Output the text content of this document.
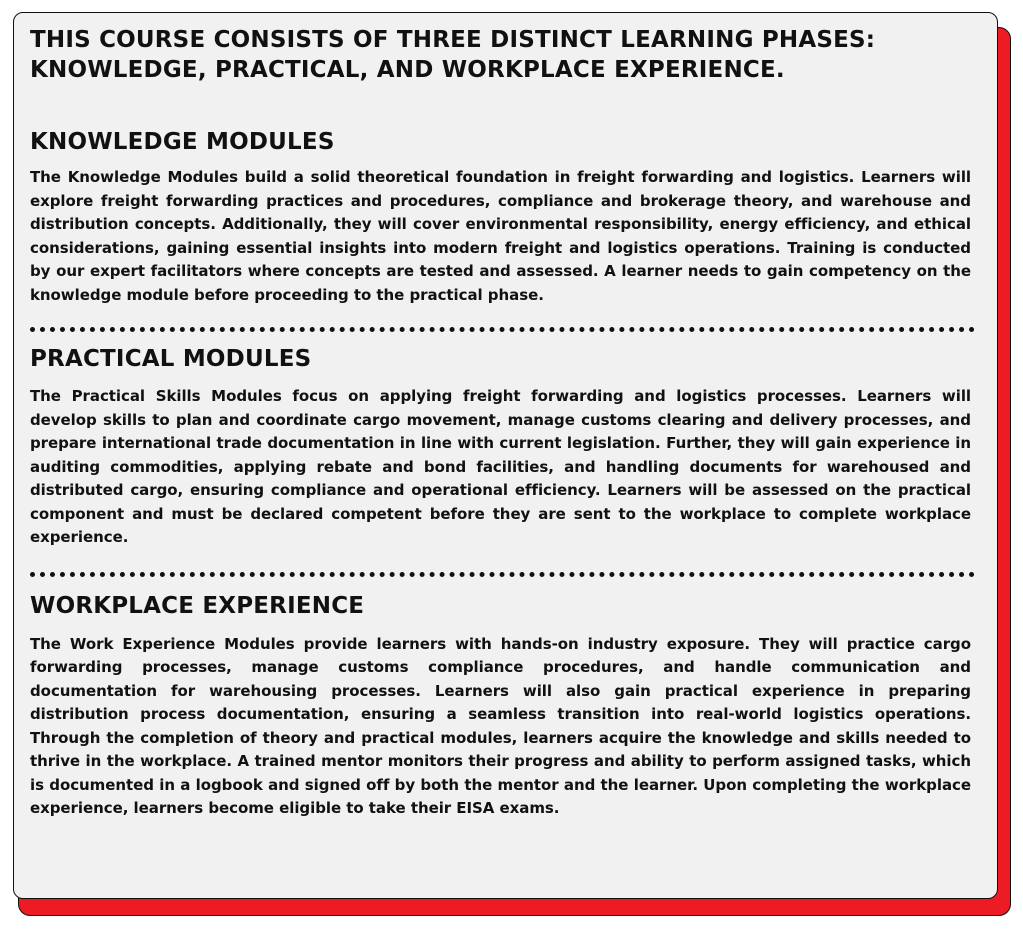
THIS COURSE CONSISTS OF THREE DISTINCT LEARNING PHASES: KNOWLEDGE, PRACTICAL, AND WORKPLACE EXPERIENCE.
KNOWLEDGE MODULES

The Knowledge Modules build a solid theoretical foundation in freight forwarding and logistics. Learners will explore freight forwarding practices and procedures, compliance and brokerage theory, and warehouse and distribution concepts. Additionally, they will cover environmental responsibility, energy efficiency, and ethical considerations, gaining essential insights into modern freight and logistics operations. Training is conducted by our expert facilitators where concepts are tested and assessed. A learner needs to gain competency on the knowledge module before proceeding to the practical phase.

PRACTICAL MODULES

The Practical Skills Modules focus on applying freight forwarding and logistics processes. Learners will develop skills to plan and coordinate cargo movement, manage customs clearing and delivery processes, and prepare international trade documentation in line with current legislation. Further, they will gain experience in auditing commodities, applying rebate and bond facilities, and handling documents for warehoused and distributed cargo, ensuring compliance and operational efficiency. Learners will be assessed on the practical component and must be declared competent before they are sent to the workplace to complete workplace experience.

WORKPLACE EXPERIENCE

The Work Experience Modules provide learners with hands-on industry exposure. They will practice cargo forwarding processes, manage customs compliance procedures, and handle communication and documentation for warehousing processes. Learners will also gain practical experience in preparing distribution process documentation, ensuring a seamless transition into real-world logistics operations. Through the completion of theory and practical modules, learners acquire the knowledge and skills needed to thrive in the workplace. A trained mentor monitors their progress and ability to perform assigned tasks, which is documented in a logbook and signed off by both the mentor and the learner. Upon completing the workplace experience, learners become eligible to take their EISA exams.
